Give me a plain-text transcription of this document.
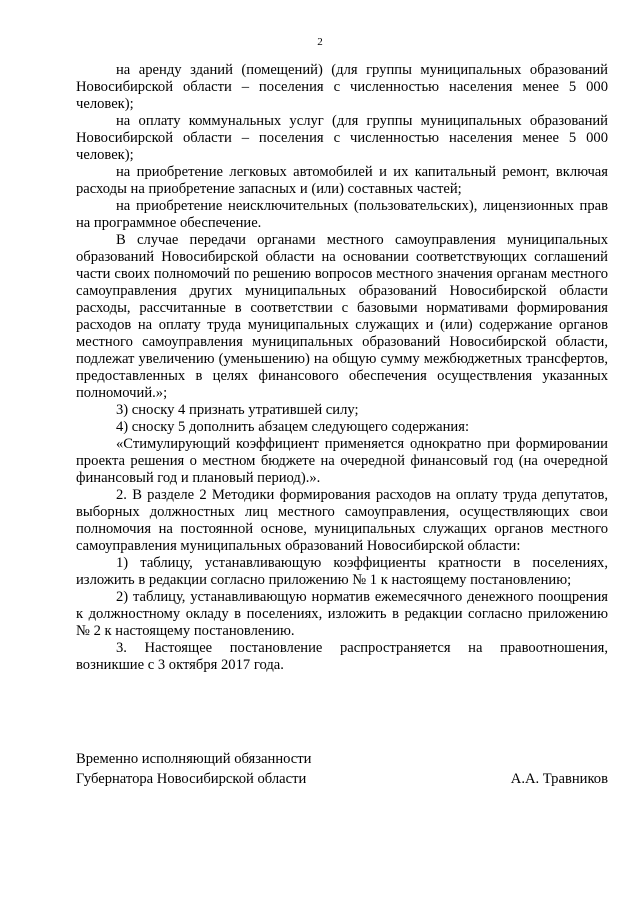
2

на аренду зданий (помещений) (для группы муниципальных образований Новосибирской области – поселения с численностью населения менее 5 000 человек);

на оплату коммунальных услуг (для группы муниципальных образований Новосибирской области – поселения с численностью населения менее 5 000 человек);

на приобретение легковых автомобилей и их капитальный ремонт, включая расходы на приобретение запасных и (или) составных частей;

на приобретение неисключительных (пользовательских), лицензионных прав на программное обеспечение.

В случае передачи органами местного самоуправления муниципальных образований Новосибирской области на основании соответствующих соглашений части своих полномочий по решению вопросов местного значения органам местного самоуправления других муниципальных образований Новосибирской области расходы, рассчитанные в соответствии с базовыми нормативами формирования расходов на оплату труда муниципальных служащих и (или) содержание органов местного самоуправления муниципальных образований Новосибирской области, подлежат увеличению (уменьшению) на общую сумму межбюджетных трансфертов, предоставленных в целях финансового обеспечения осуществления указанных полномочий.»;

3) сноску 4 признать утратившей силу;

4) сноску 5 дополнить абзацем следующего содержания:

«Стимулирующий коэффициент применяется однократно при формировании проекта решения о местном бюджете на очередной финансовый год (на очередной финансовый год и плановый период).».

2. В разделе 2 Методики формирования расходов на оплату труда депутатов, выборных должностных лиц местного самоуправления, осуществляющих свои полномочия на постоянной основе, муниципальных служащих органов местного самоуправления муниципальных образований Новосибирской области:

1) таблицу, устанавливающую коэффициенты кратности в поселениях, изложить в редакции согласно приложению № 1 к настоящему постановлению;

2) таблицу, устанавливающую норматив ежемесячного денежного поощрения к должностному окладу в поселениях, изложить в редакции согласно приложению № 2 к настоящему постановлению.

3. Настоящее постановление распространяется на правоотношения, возникшие с 3 октября 2017 года.

Временно исполняющий обязанности
Губернатора Новосибирской области	А.А. Травников
